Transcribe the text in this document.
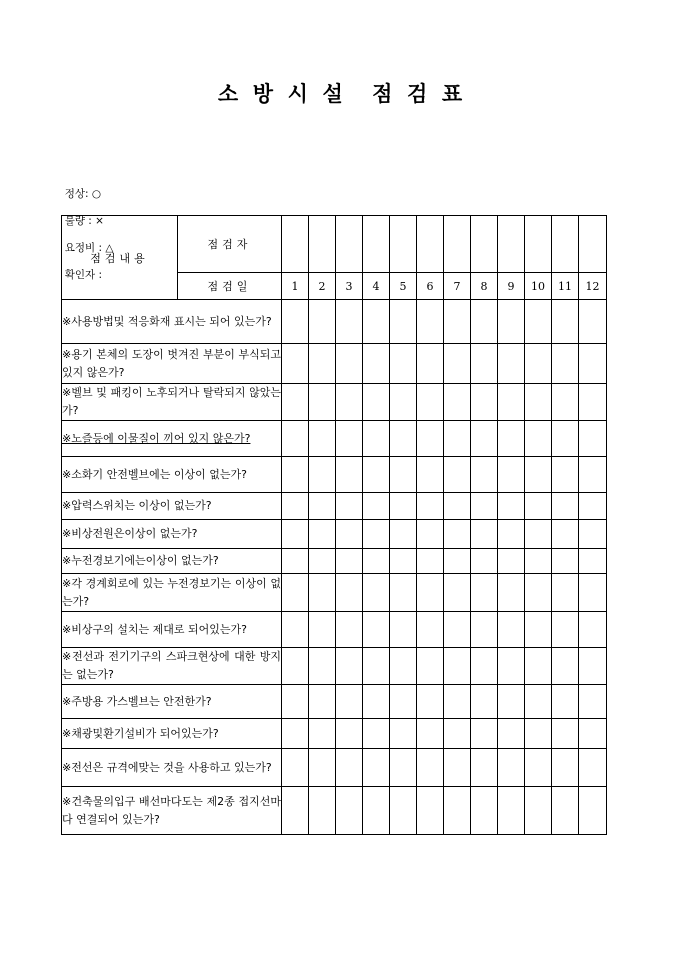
소  방  시  설    점  검  표

정상: ○

불량 : ×

요정비 : △

확인자 :

점검내용	점검자												
	점검일	1	2	3	4	5	6	7	8	9	10	11	12
※사용방법및 적응화재 표시는 되어 있는가?													
※용기 본체의 도장이 벗겨진 부분이 부식되고 있지 않은가?													
※벨브 및 패킹이 노후되거나 탈락되지 않았는가?													
※노즐등에 이물질이 끼어 있지 않은가?													
※소화기 안전벨브에는 이상이 없는가?													
※압력스위치는 이상이 없는가?													
※비상전원은이상이 없는가?													
※누전경보기에는이상이 없는가?													
※각 경계회로에 있는 누전경보기는 이상이 없는가?													
※비상구의 설치는 제대로 되어있는가?													
※전선과 전기기구의 스파크현상에 대한 방지는 없는가?													
※주방용 가스벨브는 안전한가?													
※채광및환기설비가 되어있는가?													
※전선은 규격에맞는 것을 사용하고 있는가?													
※건축물의입구 배선마다도는 제2종 접지선마다 연결되어 있는가?													
